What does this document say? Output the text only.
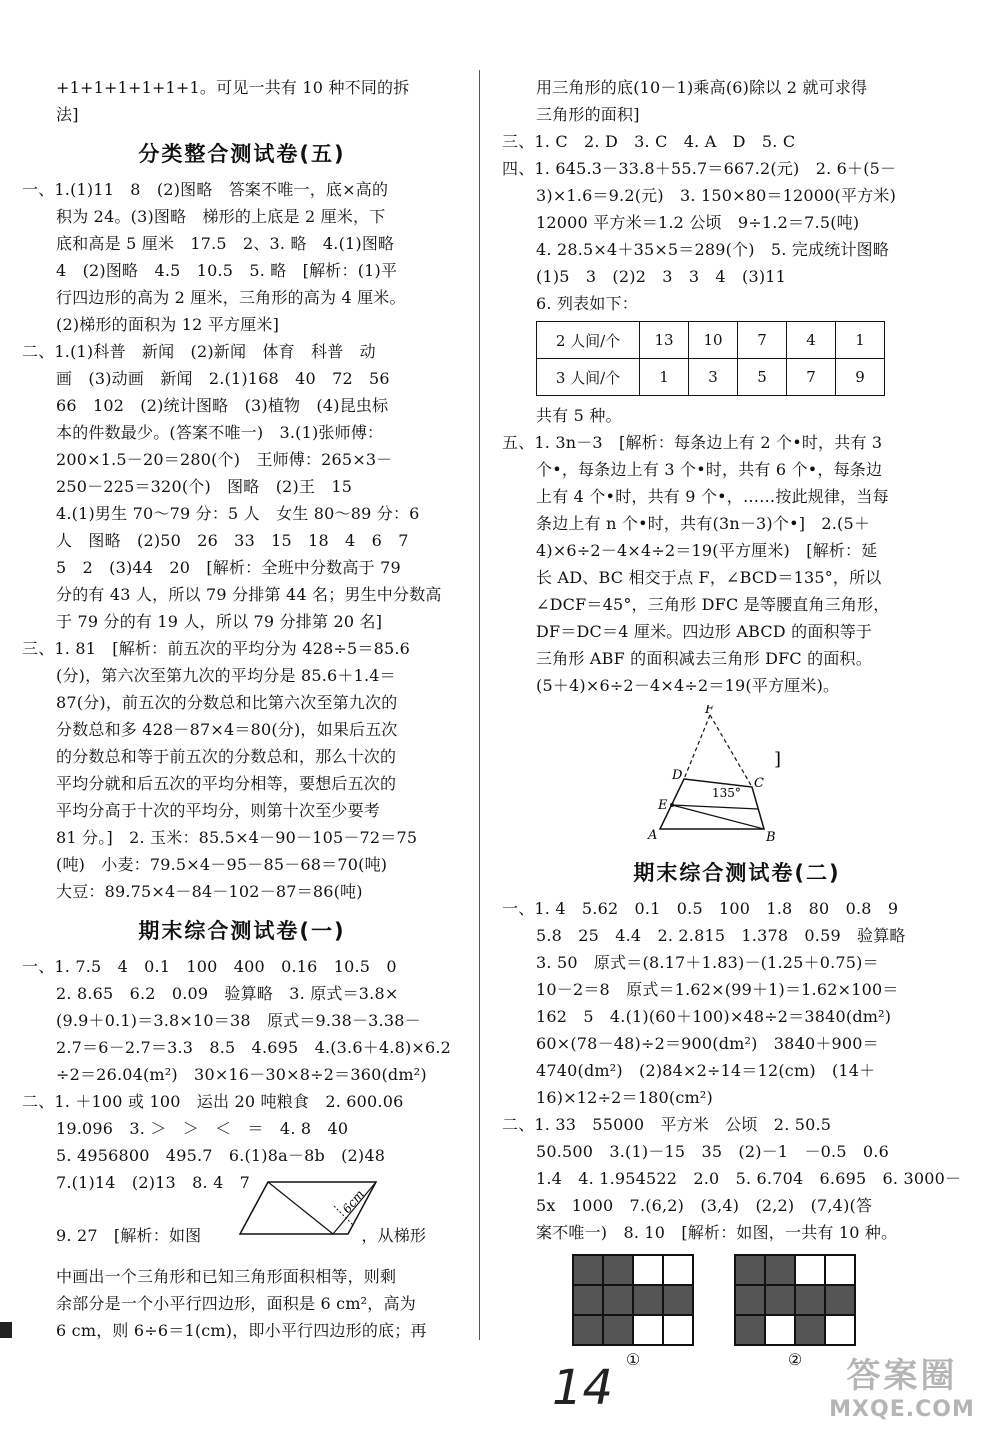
+1+1+1+1+1+1。可见一共有 10 种不同的拆
法]
分类整合测试卷(五)
一、1.(1)11　8　(2)图略　答案不唯一，底×高的
积为 24。(3)图略　梯形的上底是 2 厘米，下
底和高是 5 厘米　17.5　2、3. 略　4.(1)图略
4　(2)图略　4.5　10.5　5. 略　[解析：(1)平
行四边形的高为 2 厘米，三角形的高为 4 厘米。
(2)梯形的面积为 12 平方厘米]
二、1.(1)科普　新闻　(2)新闻　体育　科普　动
画　(3)动画　新闻　2.(1)168　40　72　56
66　102　(2)统计图略　(3)植物　(4)昆虫标
本的件数最少。(答案不唯一)　3.(1)张师傅：
200×1.5－20＝280(个)　王师傅：265×3－
250－225＝320(个)　图略　(2)王　15
4.(1)男生 70～79 分：5 人　女生 80～89 分：6
人　图略　(2)50　26　33　15　18　4　6　7
5　2　(3)44　20　[解析：全班中分数高于 79
分的有 43 人，所以 79 分排第 44 名；男生中分数高
于 79 分的有 19 人，所以 79 分排第 20 名]
三、1. 81　[解析：前五次的平均分为 428÷5＝85.6
(分)，第六次至第九次的平均分是 85.6＋1.4＝
87(分)，前五次的分数总和比第六次至第九次的
分数总和多 428－87×4＝80(分)，如果后五次
的分数总和等于前五次的分数总和，那么十次的
平均分就和后五次的平均分相等，要想后五次的
平均分高于十次的平均分，则第十次至少要考
81 分。]　2. 玉米：85.5×4－90－105－72＝75
(吨)　小麦：79.5×4－95－85－68＝70(吨)
大豆：89.75×4－84－102－87＝86(吨)
期末综合测试卷(一)
一、1. 7.5　4　0.1　100　400　0.16　10.5　0
2. 8.65　6.2　0.09　验算略　3. 原式＝3.8×
(9.9＋0.1)＝3.8×10＝38　原式＝9.38－3.38－
2.7＝6－2.7＝3.3　8.5　4.695　4.(3.6＋4.8)×6.2
÷2＝26.04(m²)　30×16－30×8÷2＝360(dm²)
二、1. ＋100 或 100　运出 20 吨粮食　2. 600.06
19.096　3. ＞　＞　＜　＝　4. 8　40
5. 4956800　495.7　6.(1)8a－8b　(2)48
7.(1)14　(2)13　8. 4　7
9. 27　[解析：如图	，从梯形
中画出一个三角形和已知三角形面积相等，则剩
余部分是一个小平行四边形，面积是 6 cm²，高为
6 cm，则 6÷6＝1(cm)，即小平行四边形的底；再
6cm
用三角形的底(10－1)乘高(6)除以 2 就可求得
三角形的面积]
三、1. C　2. D　3. C　4. A　D　5. C
四、1. 645.3－33.8＋55.7＝667.2(元)　2. 6＋(5－
3)×1.6＝9.2(元)　3. 150×80＝12000(平方米)
12000 平方米＝1.2 公顷　9÷1.2＝7.5(吨)
4. 28.5×4＋35×5＝289(个)　5. 完成统计图略
(1)5　3　(2)2　3　3　4　(3)11
6. 列表如下：
2 人间/个	13	10	7	4	1
3 人间/个	1	3	5	7	9
共有 5 种。
五、1. 3n－3　[解析：每条边上有 2 个•时，共有 3
个•，每条边上有 3 个•时，共有 6 个•，每条边
上有 4 个•时，共有 9 个•，……按此规律，当每
条边上有 n 个•时，共有(3n－3)个•]　2.(5＋
4)×6÷2－4×4÷2＝19(平方厘米)　[解析：延
长 AD、BC 相交于点 F，∠BCD＝135°，所以
∠DCF＝45°，三角形 DFC 是等腰直角三角形，
DF＝DC＝4 厘米。四边形 ABCD 的面积等于
三角形 ABF 的面积减去三角形 DFC 的面积。
(5＋4)×6÷2－4×4÷2＝19(平方厘米)。
F
D
E
C
A	B
135°
]
期末综合测试卷(二)
一、1. 4　5.62　0.1　0.5　100　1.8　80　0.8　9
5.8　25　4.4　2. 2.815　1.378　0.59　验算略
3. 50　原式＝(8.17＋1.83)－(1.25＋0.75)＝
10－2＝8　原式＝1.62×(99＋1)＝1.62×100＝
162　5　4.(1)(60＋100)×48÷2＝3840(dm²)
60×(78－48)÷2＝900(dm²)　3840＋900＝
4740(dm²)　(2)84×2÷14＝12(cm)　(14＋
16)×12÷2＝180(cm²)
二、1. 33　55000　平方米　公顷　2. 50.5
50.500　3.(1)－15　35　(2)－1　－0.5　0.6
1.4　4. 1.954522　2.0　5. 6.704　6.695　6. 3000－
5x　1000　7.(6,2)　(3,4)　(2,2)　(7,4)(答
案不唯一)　8. 10　[解析：如图，一共有 10 种。
①	②
14	答案圈
MXQE.COM
